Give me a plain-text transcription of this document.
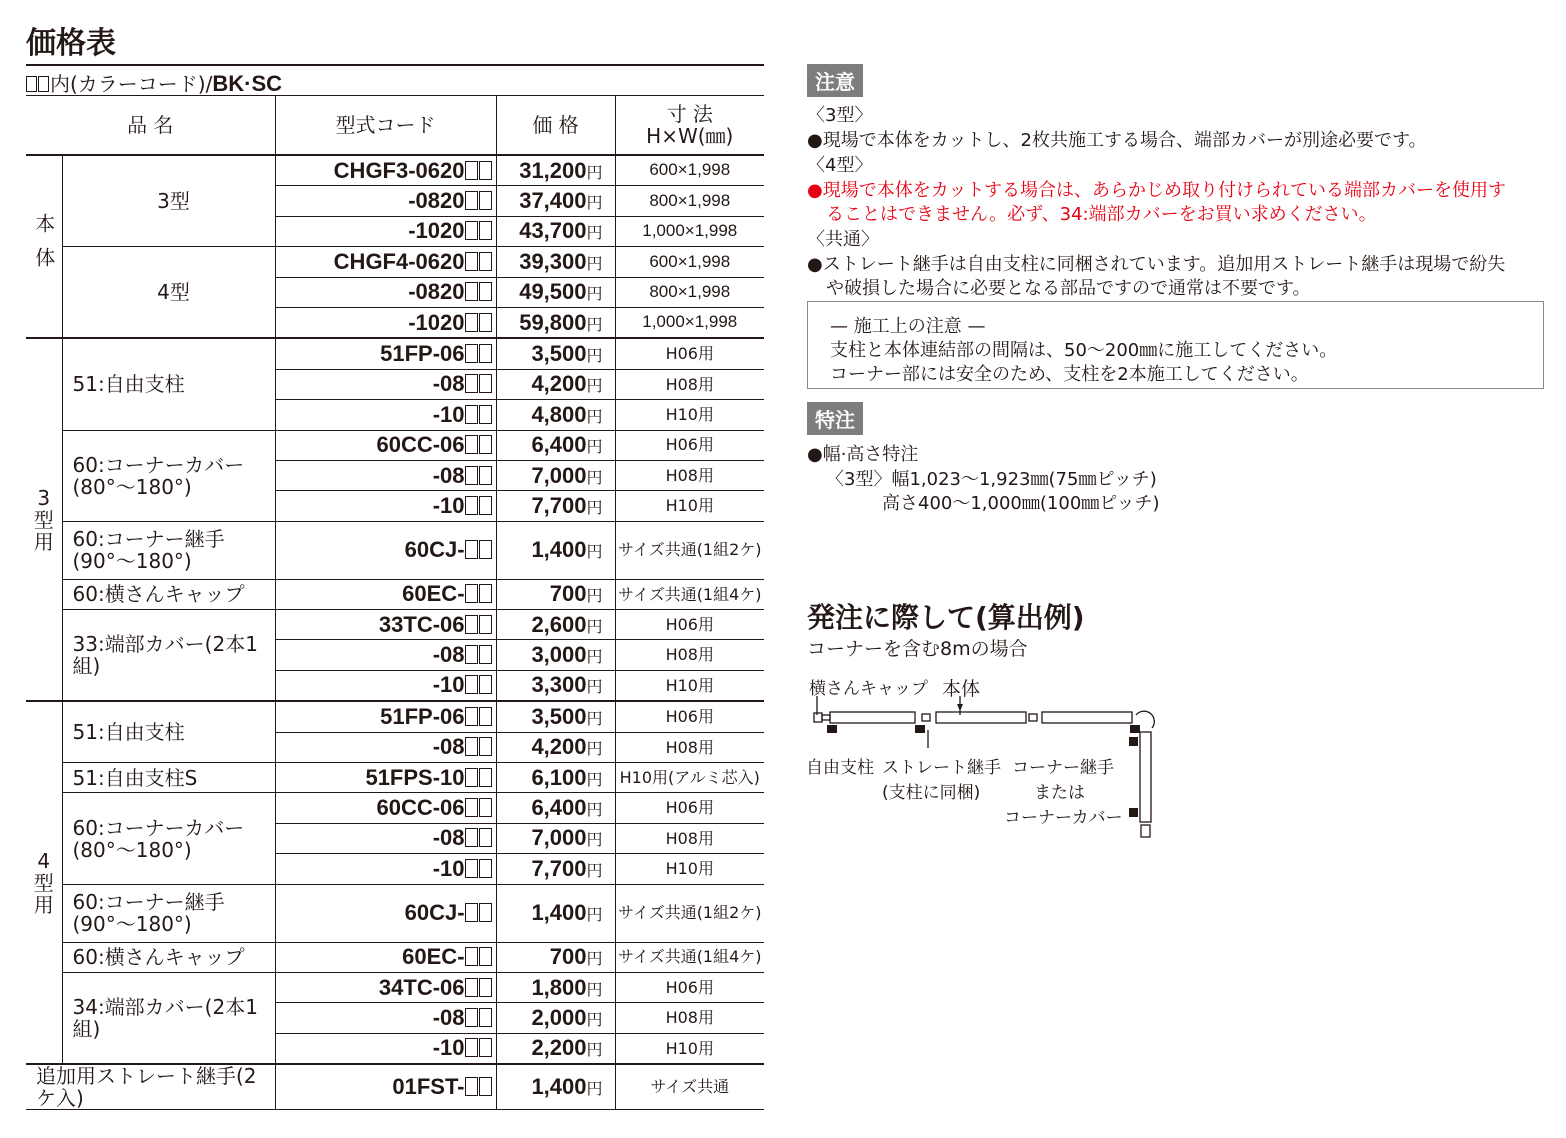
価格表
内(カラーコード)/BK·SC
品 名		型式コード	価 格	寸 法
H×W(㎜)
本体	3型	CHGF3-0620	31,200円	600×1,998
		-0820	37,400円	800×1,998
		-1020	43,700円	1,000×1,998
	4型	CHGF4-0620	39,300円	600×1,998
		-0820	49,500円	800×1,998
		-1020	59,800円	1,000×1,998

3
型
用	51:自由支柱	51FP-06	3,500円	H06用
		-08	4,200円	H08用
		-10	4,800円	H10用
	60:コーナーカバー(80°〜180°)	60CC-06	6,400円	H06用
		-08	7,000円	H08用
		-10	7,700円	H10用
	60:コーナー継手(90°〜180°)	60CJ-	1,400円	サイズ共通(1組2ケ)
	60:横さんキャップ	60EC-	700円	サイズ共通(1組4ケ)
	33:端部カバー(2本1組)	33TC-06	2,600円	H06用
		-08	3,000円	H08用
		-10	3,300円	H10用

4
型
用	51:自由支柱	51FP-06	3,500円	H06用
		-08	4,200円	H08用
	51:自由支柱S	51FPS-10	6,100円	H10用(アルミ芯入)
	60:コーナーカバー(80°〜180°)	60CC-06	6,400円	H06用
		-08	7,000円	H08用
		-10	7,700円	H10用
	60:コーナー継手(90°〜180°)	60CJ-	1,400円	サイズ共通(1組2ケ)
	60:横さんキャップ	60EC-	700円	サイズ共通(1組4ケ)
	34:端部カバー(2本1組)	34TC-06	1,800円	H06用
		-08	2,000円	H08用
		-10	2,200円	H10用
追加用ストレート継手(2ケ入)		01FST-	1,400円	サイズ共通
注意
〈3型〉
●現場で本体をカットし、2枚共施工する場合、端部カバーが別途必要です。
〈4型〉
●現場で本体をカットする場合は、あらかじめ取り付けられている端部カバーを使用す
ることはできません。必ず、34:端部カバーをお買い求めください。
〈共通〉
●ストレート継手は自由支柱に同梱されています。追加用ストレート継手は現場で紛失
や破損した場合に必要となる部品ですので通常は不要です。
— 施工上の注意 —
支柱と本体連結部の間隔は、50〜200㎜に施工してください。
コーナー部には安全のため、支柱を2本施工してください。
特注
●幅·高さ特注
〈3型〉幅1,023〜1,923㎜(75㎜ピッチ)
高さ400〜1,000㎜(100㎜ピッチ)
発注に際して(算出例)
コーナーを含む8mの場合
横さんキャップ 本体
自由支柱 ストレート継手
(支柱に同梱)
コーナー継手
または
コーナーカバー
